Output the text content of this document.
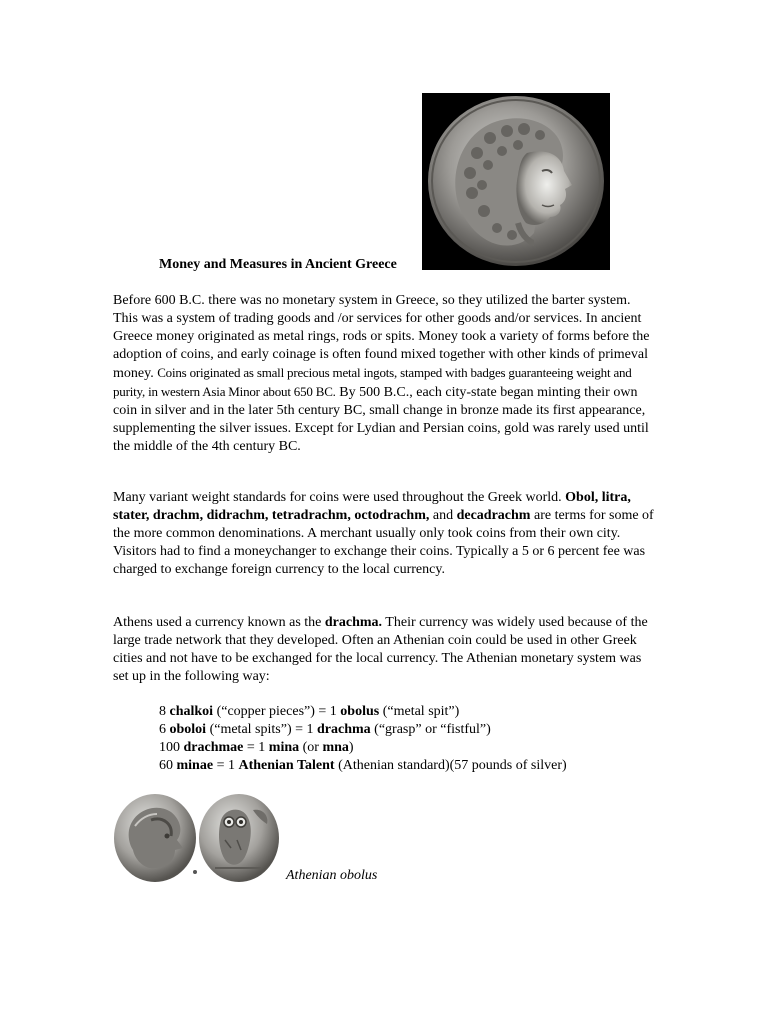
Money and Measures in Ancient Greece

Before 600 B.C. there was no monetary system in Greece, so they utilized the barter system. This was a system of trading goods and /or services for other goods and/or services. In ancient Greece money originated as metal rings, rods or spits. Money took a variety of forms before the adoption of coins, and early coinage is often found mixed together with other kinds of primeval money. Coins originated as small precious metal ingots, stamped with badges guaranteeing weight and purity, in western Asia Minor about 650 BC. By 500 B.C., each city-state began minting their own coin in silver and in the later 5th century BC, small change in bronze made its first appearance, supplementing the silver issues. Except for Lydian and Persian coins, gold was rarely used until the middle of the 4th century BC.

Many variant weight standards for coins were used throughout the Greek world. Obol, litra, stater, drachm, didrachm, tetradrachm, octodrachm, and decadrachm are terms for some of the more common denominations. A merchant usually only took coins from their own city. Visitors had to find a moneychanger to exchange their coins. Typically a 5 or 6 percent fee was charged to exchange foreign currency to the local currency.

Athens used a currency known as the drachma. Their currency was widely used because of the large trade network that they developed. Often an Athenian coin could be used in other Greek cities and not have to be exchanged for the local currency. The Athenian monetary system was set up in the following way:

8 chalkoi (“copper pieces”) = 1 obolus (“metal spit”)
6 oboloi (“metal spits”) = 1 drachma (“grasp” or “fistful”)
100 drachmae = 1 mina (or mna)
60 minae = 1 Athenian Talent (Athenian standard)(57 pounds of silver)
Athenian obolus
